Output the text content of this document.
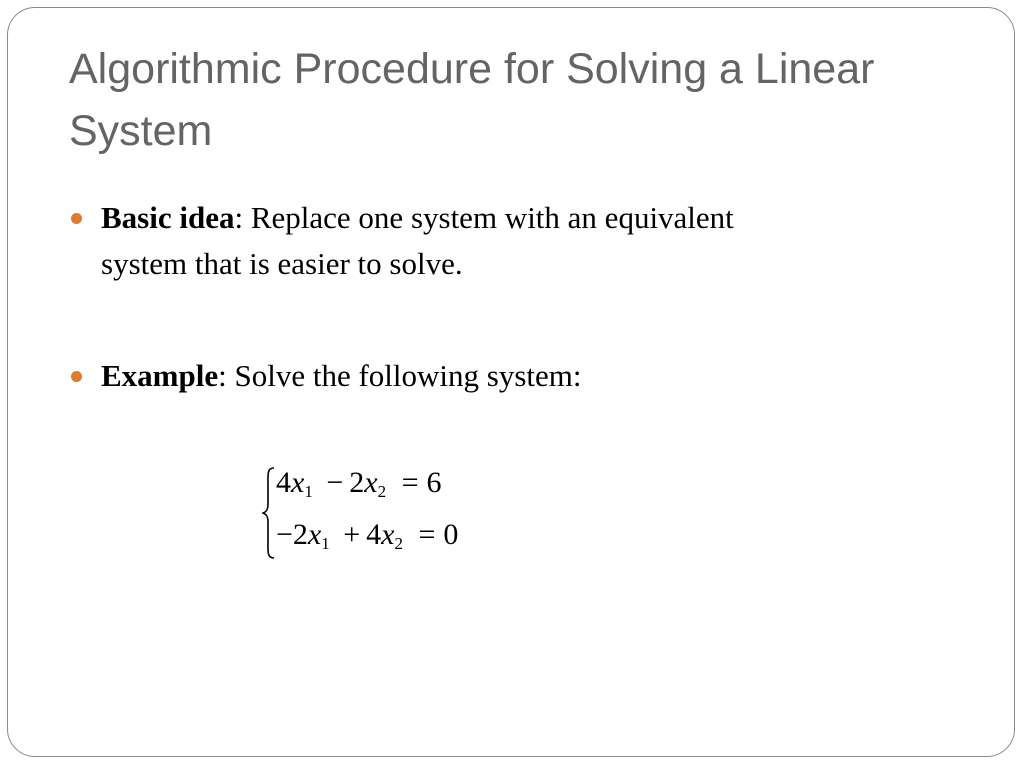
Algorithmic Procedure for Solving a Linear System
Basic idea: Replace one system with an equivalent
system that is easier to solve.
Example: Solve the following system:
$4x_1 - 2x_2 = 6$
$-2x_1 + 4x_2 = 0$
